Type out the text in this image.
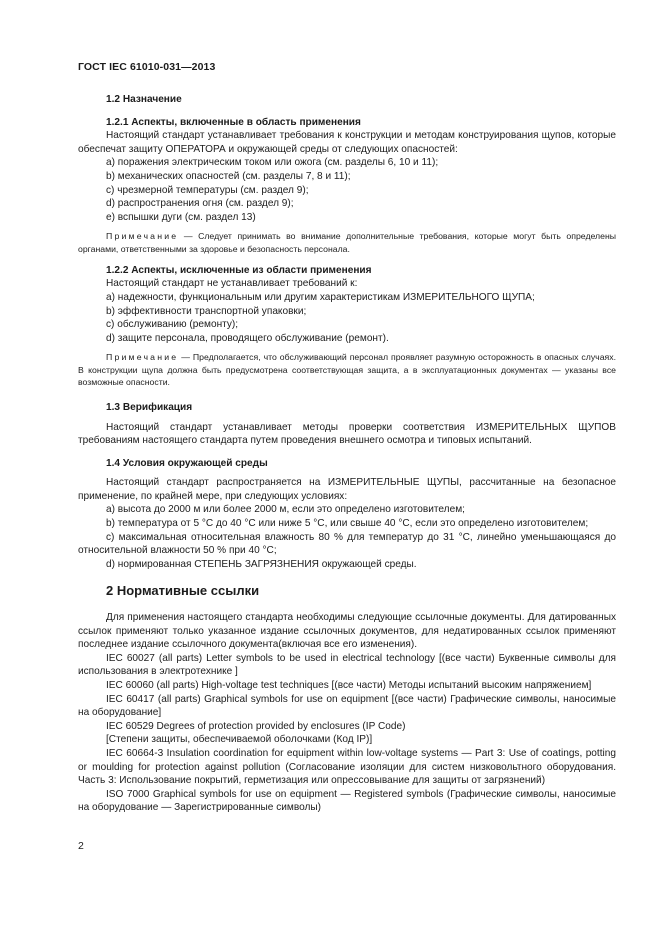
ГОСТ IEC 61010-031—2013

1.2 Назначение

1.2.1 Аспекты, включенные в область применения

Настоящий стандарт устанавливает требования к конструкции и методам конструирования щупов, которые обеспечат защиту ОПЕРАТОРА и окружающей среды от следующих опасностей:

a) поражения электрическим током или ожога (см. разделы 6, 10 и 11);

b) механических опасностей (см. разделы 7, 8 и 11);

c) чрезмерной температуры (см. раздел 9);

d) распространения огня (см. раздел 9);

e) вспышки дуги (см. раздел 13)

Примечание — Следует принимать во внимание дополнительные требования, которые могут быть определены органами, ответственными за здоровье и безопасность персонала.

1.2.2 Аспекты, исключенные из области применения

Настоящий стандарт не устанавливает требований к:

a) надежности, функциональным или другим характеристикам ИЗМЕРИТЕЛЬНОГО ЩУПА;

b) эффективности транспортной упаковки;

c) обслуживанию (ремонту);

d) защите персонала, проводящего обслуживание (ремонт).

Примечание — Предполагается, что обслуживающий персонал проявляет разумную осторожность в опасных случаях. В конструкции щупа должна быть предусмотрена соответствующая защита, а в эксплуатационных документах — указаны все возможные опасности.

1.3 Верификация

Настоящий стандарт устанавливает методы проверки соответствия ИЗМЕРИТЕЛЬНЫХ ЩУПОВ требованиям настоящего стандарта путем проведения внешнего осмотра и типовых испытаний.

1.4 Условия окружающей среды

Настоящий стандарт распространяется на ИЗМЕРИТЕЛЬНЫЕ ЩУПЫ, рассчитанные на безопасное применение, по крайней мере, при следующих условиях:

a) высота до 2000 м или более 2000 м, если это определено изготовителем;

b) температура от 5 °С до 40 °С или ниже 5 °С, или свыше 40 °С, если это определено изготовителем;

c) максимальная относительная влажность 80 % для температур до 31 °С, линейно уменьшающаяся до относительной влажности 50 % при 40 °С;

d) нормированная СТЕПЕНЬ ЗАГРЯЗНЕНИЯ окружающей среды.

2 Нормативные ссылки

Для применения настоящего стандарта необходимы следующие ссылочные документы. Для датированных ссылок применяют только указанное издание ссылочных документов, для недатированных ссылок применяют последнее издание ссылочного документа(включая все его изменения).

IEC 60027 (all parts) Letter symbols to be used in electrical technology [(все части) Буквенные символы для использования в электротехнике ]

IEC 60060 (all parts) High-voltage test techniques [(все части) Методы испытаний высоким напряжением]

IEC 60417 (all parts) Graphical symbols for use on equipment [(все части) Графические символы, наносимые на оборудование]

IEC 60529 Degrees of protection provided by enclosures (IP Code)

[Степени защиты, обеспечиваемой оболочками (Код IP)]

IEC 60664-3 Insulation coordination for equipment within low-voltage systems — Part 3: Use of coatings, potting or moulding for protection against pollution (Согласование изоляции для систем низковольтного оборудования. Часть 3: Использование покрытий, герметизация или опрессовывание для защиты от загрязнений)

ISO 7000 Graphical symbols for use on equipment — Registered symbols (Графические символы, наносимые на оборудование — Зарегистрированные символы)

2
